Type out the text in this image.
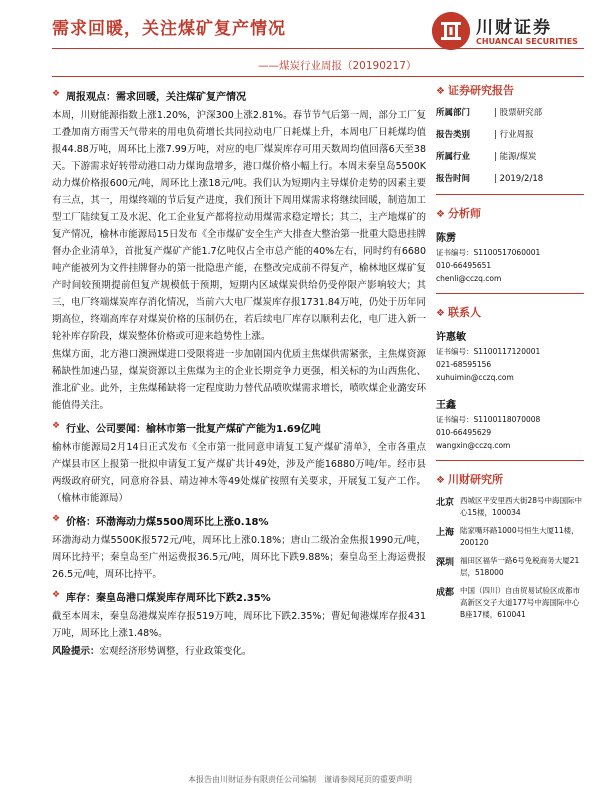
需求回暖，关注煤矿复产情况	川财证券
CHUANCAI SECURITIES
——煤炭行业周报（20190217）
❖ 周报观点：需求回暖，关注煤矿复产情况

本周，川财能源指数上涨1.20%，沪深300上涨2.81%。春节节气后第一周，部分工厂复工叠加南方雨雪天气带来的用电负荷增长共同拉动电厂日耗煤上升，本周电厂日耗煤均值报44.88万吨，周环比上涨7.99万吨，对应的电厂煤炭库存可用天数周均值回落6天至38天。下游需求好转带动港口动力煤询盘增多，港口煤价格小幅上行。本周末秦皇岛5500K动力煤价格报600元/吨，周环比上涨18元/吨。我们认为短期内主导煤价走势的因素主要有三点，其一，用煤终端的节后复产进度，我们预计下周用煤需求将继续回暖，制造加工型工厂陆续复工及水泥、化工企业复产都将拉动用煤需求稳定增长；其二，主产地煤矿的复产情况，榆林市能源局15日发布《全市煤矿安全生产大排查大整治第一批重大隐患挂牌督办企业清单》，首批复产煤矿产能1.7亿吨仅占全市总产能的40%左右，同时约有6680吨产能被列为文件挂牌督办的第一批隐患产能，在整改完成前不得复产，榆林地区煤矿复产时间较预期提前但复产规模低于预期，短期内区域煤炭供给仍受停限产影响较大；其三，电厂终端煤炭库存消化情况，当前六大电厂煤炭库存报1731.84万吨，仍处于历年同期高位，终端高库存对煤炭价格的压制仍在，若后续电厂库存以顺利去化，电厂进入新一轮补库存阶段，煤炭整体价格或可迎来趋势性上涨。

焦煤方面，北方港口澳洲煤进口受限将进一步加剧国内优质主焦煤供需紧张，主焦煤资源稀缺性加速凸显，煤炭资源以主焦煤为主的企业长期竞争力更强，相关标的为山西焦化、淮北矿业。此外，主焦煤稀缺将一定程度助力替代品喷吹煤需求增长，喷吹煤企业潞安环能值得关注。

❖ 行业、公司要闻：榆林市第一批复产煤矿产能为1.69亿吨

榆林市能源局2月14日正式发布《全市第一批同意申请复工复产煤矿清单》，全市各重点产煤县市区上报第一批拟申请复工复产煤矿共计49处，涉及产能16880万吨/年。经市县两级政府研究，同意府谷县、靖边神木等49处煤矿按照有关要求，开展复工复产工作。（榆林市能源局）

❖ 价格：环渤海动力煤5500周环比上涨0.18%

环渤海动力煤5500K报572元/吨，周环比上涨0.18%；唐山二级冶金焦报1990元/吨，周环比持平；秦皇岛至广州运费报36.5元/吨，周环比下跌9.88%；秦皇岛至上海运费报26.5元/吨，周环比持平。

❖ 库存：秦皇岛港口煤炭库存周环比下跌2.35%

截至本周末，秦皇岛港煤炭库存报519万吨，周环比下跌2.35%；曹妃甸港煤库存报431万吨，周环比上涨1.48%。

风险提示：宏观经济形势调整，行业政策变化。

❖ 证券研究报告
所属部门	| 股票研究部
报告类别	| 行业周报
所属行业	| 能源/煤炭
报告时间	| 2019/2/18
❖ 分析师
陈雳
证书编号：S1100517060001
010-66495651
chenli@cczq.com
❖ 联系人
许惠敏
证书编号：S1100117120001
021-68595156
xuhuimin@cczq.com
王鑫
证书编号：S1100118070008
010-66495629
wangxin@cczq.com
❖ 川财研究所
北京 西城区平安里西大街28号中海国际中心15楼，100034
上海 陆家嘴环路1000号恒生大厦11楼，200120
深圳 福田区福华一路6号免税商务大厦21层，518000
成都 中国（四川）自由贸易试验区成都市高新区交子大道177号中海国际中心B座17楼，610041
本报告由川财证券有限责任公司编制　谨请参阅尾页的重要声明
